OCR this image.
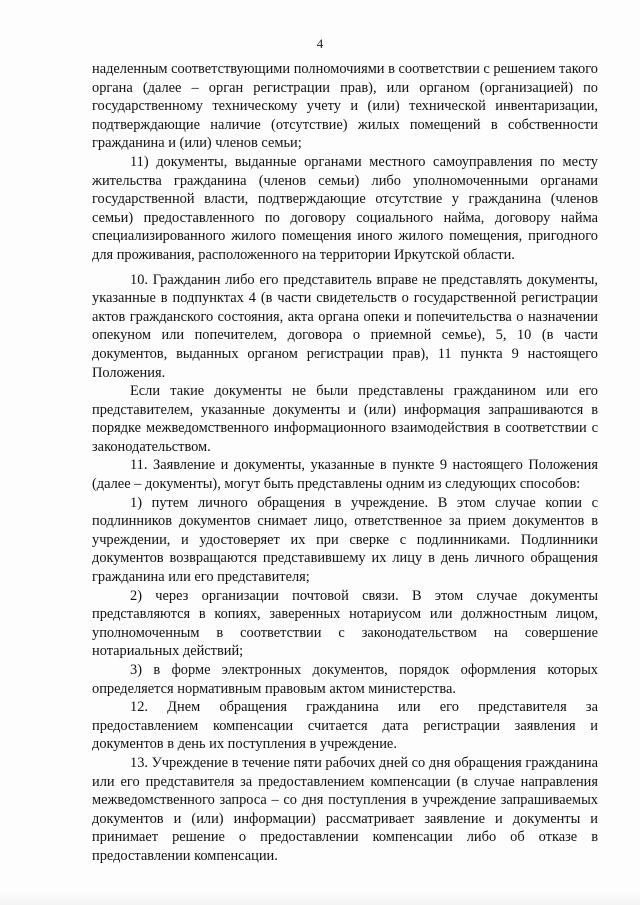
4

наделенным соответствующими полномочиями в соответствии с решением такого органа (далее – орган регистрации прав), или органом (организацией) по государственному техническому учету и (или) технической инвентаризации, подтверждающие наличие (отсутствие) жилых помещений в собственности гражданина и (или) членов семьи;

11) документы, выданные органами местного самоуправления по месту жительства гражданина (членов семьи) либо уполномоченными органами государственной власти, подтверждающие отсутствие у гражданина (членов семьи) предоставленного по договору социального найма, договору найма специализированного жилого помещения иного жилого помещения, пригодного для проживания, расположенного на территории Иркутской области.

10. Гражданин либо его представитель вправе не представлять документы, указанные в подпунктах 4 (в части свидетельств о государственной регистрации актов гражданского состояния, акта органа опеки и попечительства о назначении опекуном или попечителем, договора о приемной семье), 5, 10 (в части документов, выданных органом регистрации прав), 11 пункта 9 настоящего Положения.

Если такие документы не были представлены гражданином или его представителем, указанные документы и (или) информация запрашиваются в порядке межведомственного информационного взаимодействия в соответствии с законодательством.

11. Заявление и документы, указанные в пункте 9 настоящего Положения (далее – документы), могут быть представлены одним из следующих способов:

1) путем личного обращения в учреждение. В этом случае копии с подлинников документов снимает лицо, ответственное за прием документов в учреждении, и удостоверяет их при сверке с подлинниками. Подлинники документов возвращаются представившему их лицу в день личного обращения гражданина или его представителя;

2) через организации почтовой связи. В этом случае документы представляются в копиях, заверенных нотариусом или должностным лицом, уполномоченным в соответствии с законодательством на совершение нотариальных действий;

3) в форме электронных документов, порядок оформления которых определяется нормативным правовым актом министерства.

12. Днем обращения гражданина или его представителя за предоставлением компенсации считается дата регистрации заявления и документов в день их поступления в учреждение.

13. Учреждение в течение пяти рабочих дней со дня обращения гражданина или его представителя за предоставлением компенсации (в случае направления межведомственного запроса – со дня поступления в учреждение запрашиваемых документов и (или) информации) рассматривает заявление и документы и принимает решение о предоставлении компенсации либо об отказе в предоставлении компенсации.
